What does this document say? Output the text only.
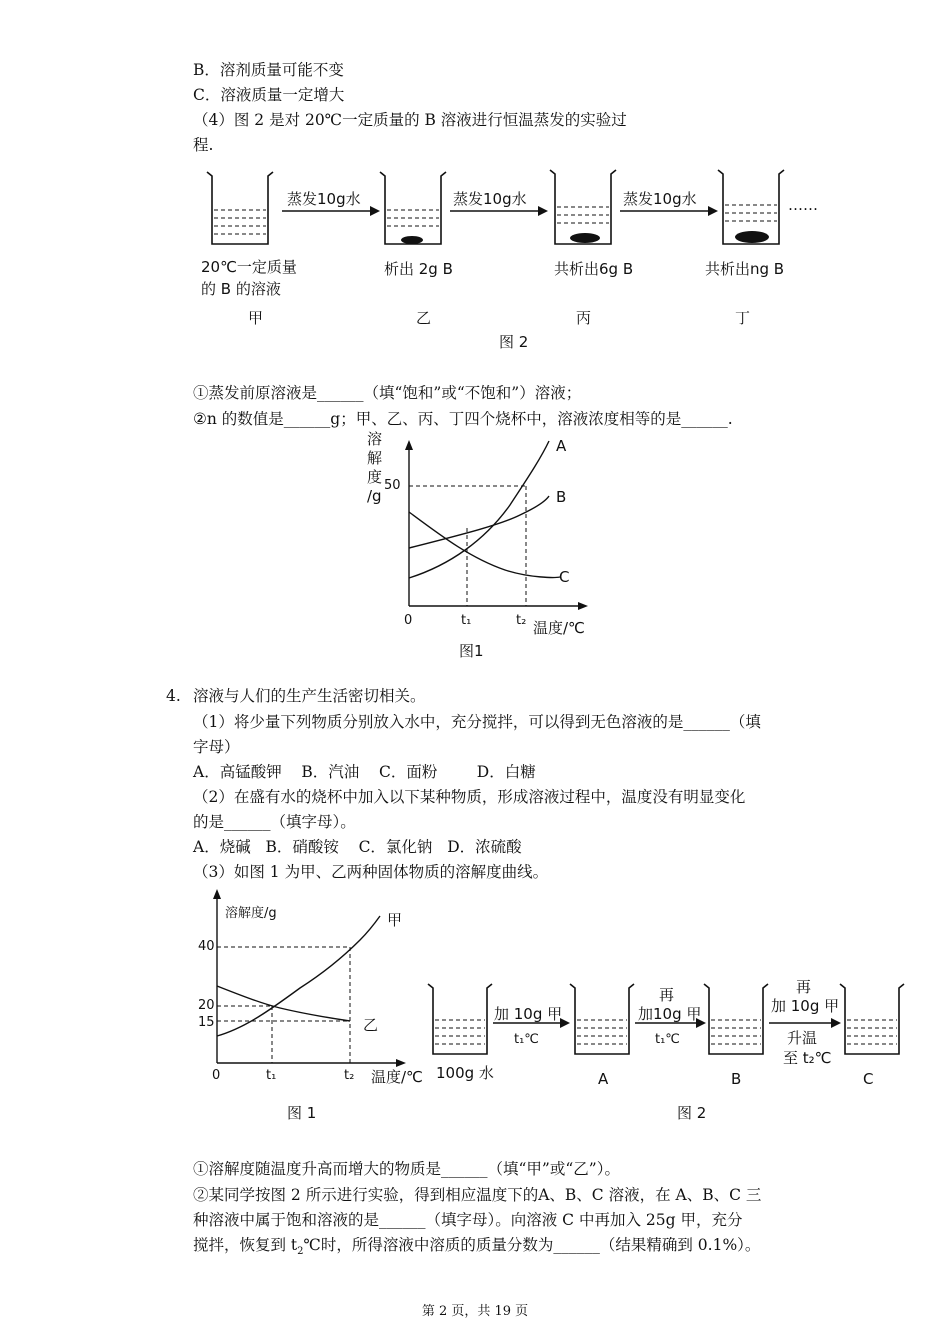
B．溶剂质量可能不变
C．溶液质量一定增大
（4）图 2 是对 20℃一定质量的 B 溶液进行恒温蒸发的实验过
程.
蒸发10g水	蒸发10g水	蒸发10g水	……
20℃一定质量
的 B 的溶液
析出 2g B	共析出6g B	共析出ng B
甲	乙	丙	丁
图 2
①蒸发前原溶液是______（填“饱和”或“不饱和”）溶液；
②n 的数值是______g；甲、乙、丙、丁四个烧杯中，溶液浓度相等的是______.
溶
解
度
/g
50
0	t₁	t₂ 温度/℃
A
B
C
图1
4. 溶液与人们的生产生活密切相关。
（1）将少量下列物质分别放入水中，充分搅拌，可以得到无色溶液的是______（填
字母）
A．高锰酸钾    B．汽油    C．面粉        D．白糖
（2）在盛有水的烧杯中加入以下某种物质，形成溶液过程中，温度没有明显变化
的是______（填字母）。
A．烧碱   B．硝酸铵    C．氯化钠   D．浓硫酸
（3）如图 1 为甲、乙两种固体物质的溶解度曲线。
溶解度/g
40
20
15
0	t₁	t₂ 温度/℃
甲
乙
图 1
100g 水
加 10g 甲
t₁℃
再
加10g 甲
t₁℃
再
加 10g 甲
升温
至 t₂℃
A	B	C
图 2
①溶解度随温度升高而增大的物质是______（填“甲”或“乙”）。
②某同学按图 2 所示进行实验，得到相应温度下的A、B、C 溶液，在 A、B、C 三
种溶液中属于饱和溶液的是______（填字母）。向溶液 C 中再加入 25g 甲，充分
搅拌，恢复到 $t_2℃$时，所得溶液中溶质的质量分数为______（结果精确到 0.1%）。
第 2 页，共 19 页
